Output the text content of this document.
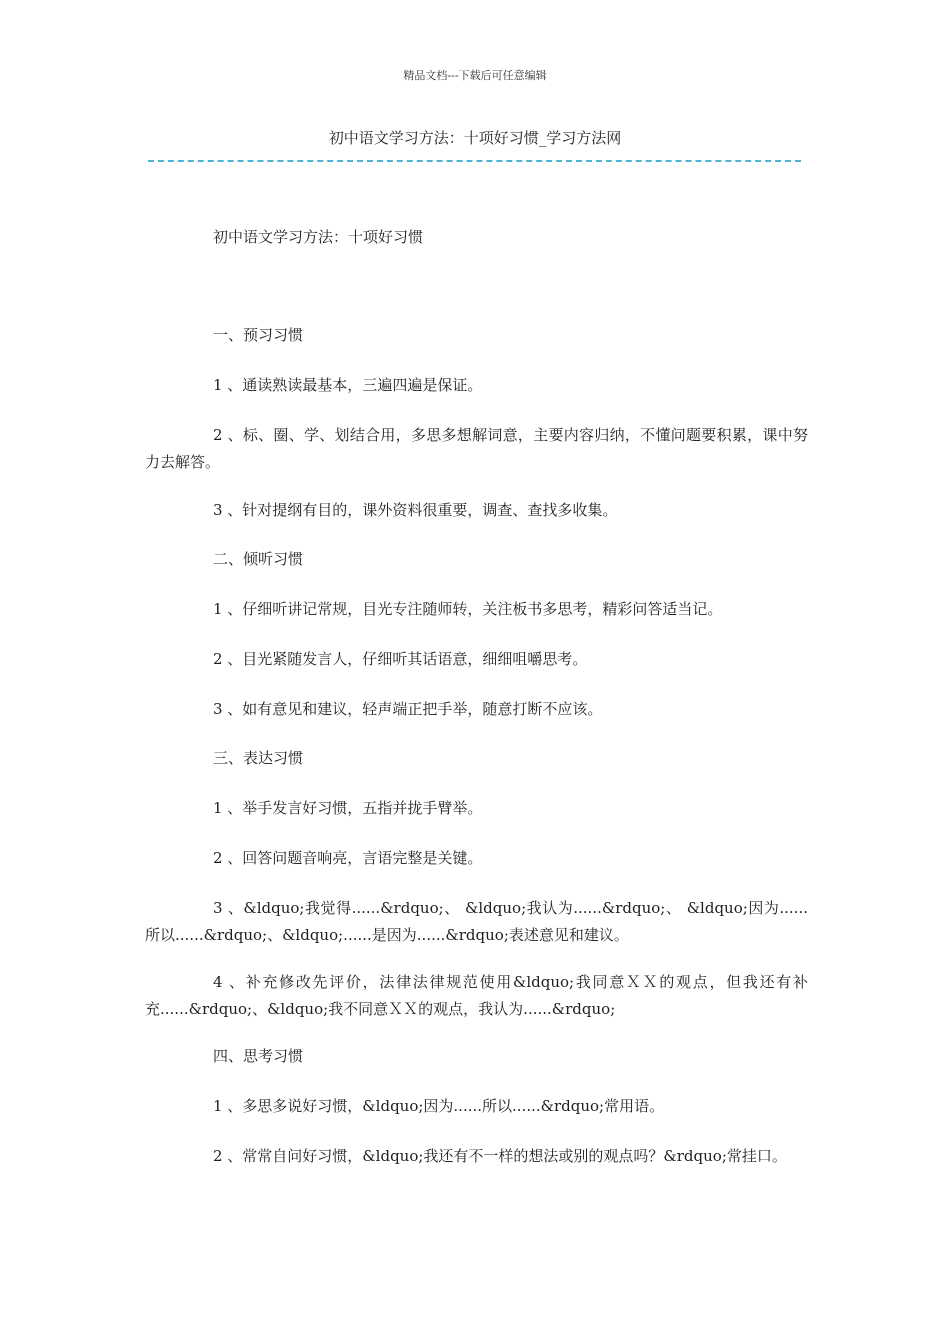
精品文档---下载后可任意编辑
初中语文学习方法：十项好习惯_学习方法网
初中语文学习方法：十项好习惯
一、预习习惯
1 、通读熟读最基本，三遍四遍是保证。
2 、标、圈、学、划结合用，多思多想解词意，主要内容归纳，不懂问题要积累，课中努力去解答。
3 、针对提纲有目的，课外资料很重要，调查、查找多收集。
二、倾听习惯
1 、仔细听讲记常规，目光专注随师转，关注板书多思考，精彩问答适当记。
2 、目光紧随发言人，仔细听其话语意，细细咀嚼思考。
3 、如有意见和建议，轻声端正把手举，随意打断不应该。
三、表达习惯
1 、举手发言好习惯，五指并拢手臂举。
2 、回答问题音响亮，言语完整是关键。
3 、&ldquo;我觉得......&rdquo;、 &ldquo;我认为......&rdquo;、 &ldquo;因为......所以......&rdquo;、&ldquo;......是因为......&rdquo;表述意见和建议。
4 、补充修改先评价，法律法律规范使用&ldquo;我同意ＸＸ的观点，但我还有补充......&rdquo;、&ldquo;我不同意ＸＸ的观点，我认为......&rdquo;
四、思考习惯
1 、多思多说好习惯，&ldquo;因为......所以......&rdquo;常用语。
2 、常常自问好习惯，&ldquo;我还有不一样的想法或别的观点吗？&rdquo;常挂口。
